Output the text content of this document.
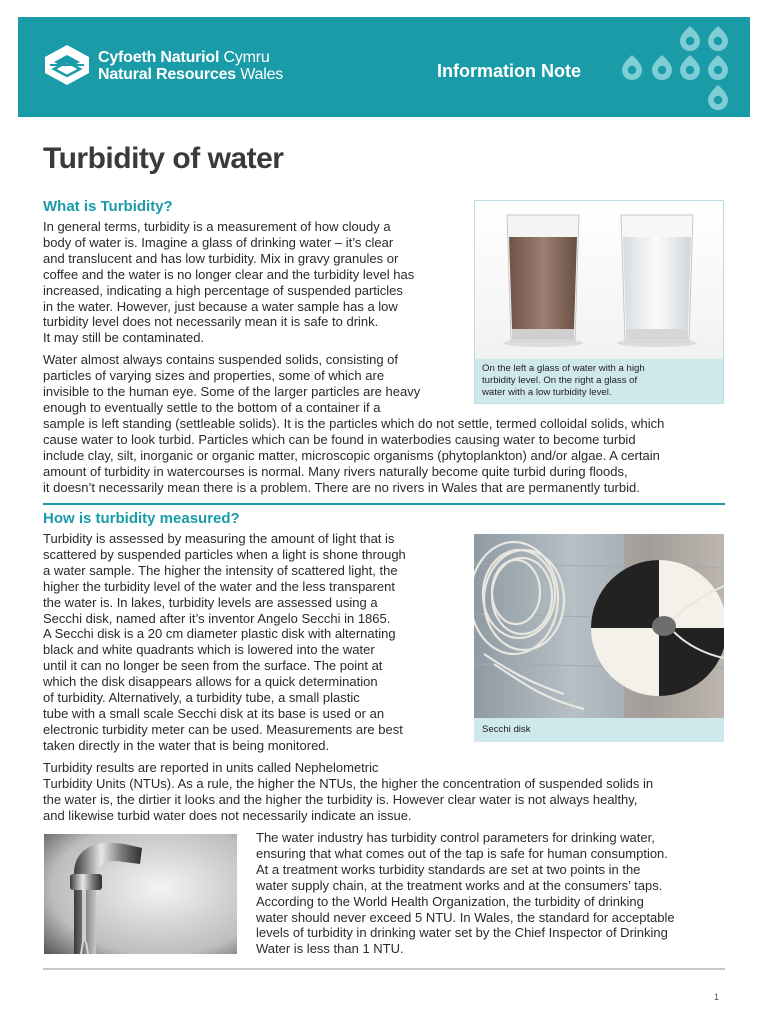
Cyfoeth Naturiol Cymru
Natural Resources Wales	Information Note
Turbidity of water
What is Turbidity?
In general terms, turbidity is a measurement of how cloudy a
body of water is. Imagine a glass of drinking water – it’s clear
and translucent and has low turbidity. Mix in gravy granules or
coffee and the water is no longer clear and the turbidity level has
increased, indicating a high percentage of suspended particles
in the water. However, just because a water sample has a low
turbidity level does not necessarily mean it is safe to drink.
It may still be contaminated.
Water almost always contains suspended solids, consisting of
particles of varying sizes and properties, some of which are
invisible to the human eye. Some of the larger particles are heavy
enough to eventually settle to the bottom of a container if a
sample is left standing (settleable solids). It is the particles which do not settle, termed colloidal solids, which
cause water to look turbid. Particles which can be found in waterbodies causing water to become turbid
include clay, silt, inorganic or organic matter, microscopic organisms (phytoplankton) and/or algae. A certain
amount of turbidity in watercourses is normal. Many rivers naturally become quite turbid during floods,
it doesn’t necessarily mean there is a problem. There are no rivers in Wales that are permanently turbid.
On the left a glass of water with a high
turbidity level. On the right a glass of
water with a low turbidity level.
How is turbidity measured?
Turbidity is assessed by measuring the amount of light that is
scattered by suspended particles when a light is shone through
a water sample. The higher the intensity of scattered light, the
higher the turbidity level of the water and the less transparent
the water is. In lakes, turbidity levels are assessed using a
Secchi disk, named after it’s inventor Angelo Secchi in 1865.
A Secchi disk is a 20 cm diameter plastic disk with alternating
black and white quadrants which is lowered into the water
until it can no longer be seen from the surface. The point at
which the disk disappears allows for a quick determination
of turbidity. Alternatively, a turbidity tube, a small plastic
tube with a small scale Secchi disk at its base is used or an
electronic turbidity meter can be used. Measurements are best
taken directly in the water that is being monitored.
Secchi disk
Turbidity results are reported in units called Nephelometric
Turbidity Units (NTUs). As a rule, the higher the NTUs, the higher the concentration of suspended solids in
the water is, the dirtier it looks and the higher the turbidity is. However clear water is not always healthy,
and likewise turbid water does not necessarily indicate an issue.
The water industry has turbidity control parameters for drinking water,
ensuring that what comes out of the tap is safe for human consumption.
At a treatment works turbidity standards are set at two points in the
water supply chain, at the treatment works and at the consumers’ taps.
According to the World Health Organization, the turbidity of drinking
water should never exceed 5 NTU. In Wales, the standard for acceptable
levels of turbidity in drinking water set by the Chief Inspector of Drinking
Water is less than 1 NTU.
1
